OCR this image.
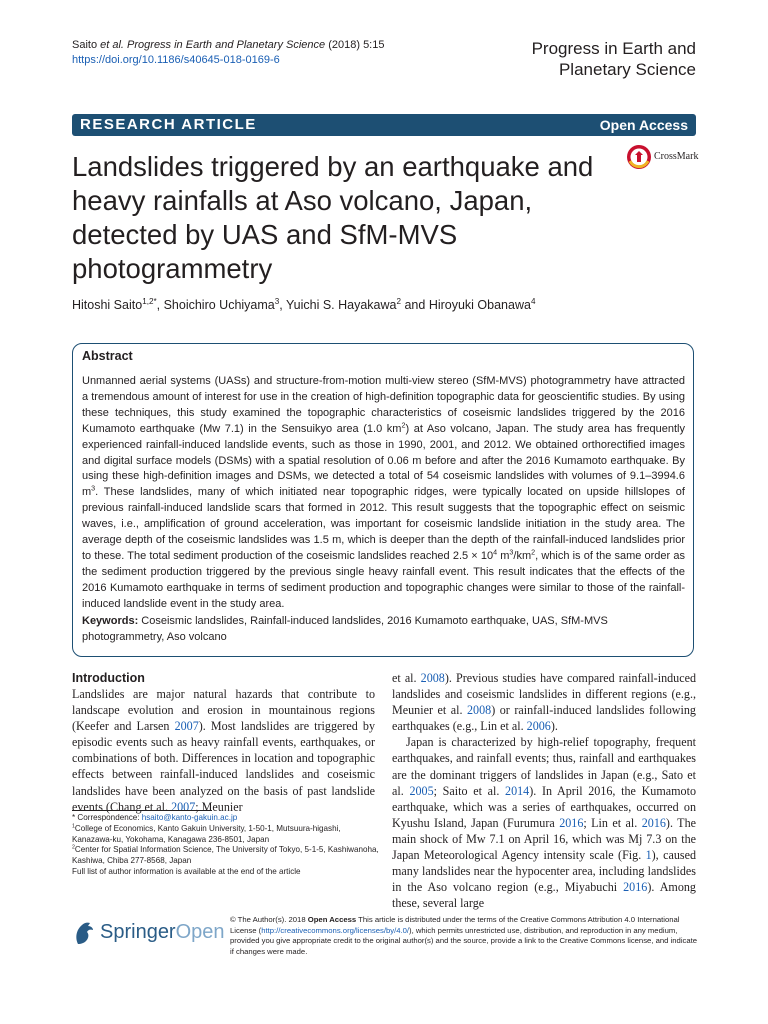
Saito et al. Progress in Earth and Planetary Science (2018) 5:15
https://doi.org/10.1186/s40645-018-0169-6
Progress in Earth and
Planetary Science
RESEARCH ARTICLE	Open Access
Landslides triggered by an earthquake and heavy rainfalls at Aso volcano, Japan, detected by UAS and SfM-MVS photogrammetry
CrossMark
Hitoshi Saito$^{1,2*}$, Shoichiro Uchiyama$^3$, Yuichi S. Hayakawa$^2$ and Hiroyuki Obanawa$^4$
Abstract
Unmanned aerial systems (UASs) and structure-from-motion multi-view stereo (SfM-MVS) photogrammetry have attracted a tremendous amount of interest for use in the creation of high-definition topographic data for geoscientific studies. By using these techniques, this study examined the topographic characteristics of coseismic landslides triggered by the 2016 Kumamoto earthquake (Mw 7.1) in the Sensuikyo area (1.0 $km^2$) at Aso volcano, Japan. The study area has frequently experienced rainfall-induced landslide events, such as those in 1990, 2001, and 2012. We obtained orthorectified images and digital surface models (DSMs) with a spatial resolution of 0.06 m before and after the 2016 Kumamoto earthquake. By using these high-definition images and DSMs, we detected a total of 54 coseismic landslides with volumes of 9.1–3994.6 $m^3$. These landslides, many of which initiated near topographic ridges, were typically located on upside hillslopes of previous rainfall-induced landslide scars that formed in 2012. This result suggests that the topographic effect on seismic waves, i.e., amplification of ground acceleration, was important for coseismic landslide initiation in the study area. The average depth of the coseismic landslides was 1.5 m, which is deeper than the depth of the rainfall-induced landslides prior to these. The total sediment production of the coseismic landslides reached $2.5 \times 10^4$ $m^3/km^2$, which is of the same order as the sediment production triggered by the previous single heavy rainfall event. This result indicates that the effects of the 2016 Kumamoto earthquake in terms of sediment production and topographic changes were similar to those of the rainfall-induced landslide event in the study area.
Keywords: Coseismic landslides, Rainfall-induced landslides, 2016 Kumamoto earthquake, UAS, SfM-MVS photogrammetry, Aso volcano
Introduction

Landslides are major natural hazards that contribute to landscape evolution and erosion in mountainous regions (Keefer and Larsen 2007). Most landslides are triggered by episodic events such as heavy rainfall events, earthquakes, or combinations of both. Differences in location and topographic effects between rainfall-induced landslides and coseismic landslides have been analyzed on the basis of past landslide events (Chang et al. 2007; Meunier

et al. 2008). Previous studies have compared rainfall-induced landslides and coseismic landslides in different regions (e.g., Meunier et al. 2008) or rainfall-induced landslides following earthquakes (e.g., Lin et al. 2006).

Japan is characterized by high-relief topography, frequent earthquakes, and rainfall events; thus, rainfall and earthquakes are the dominant triggers of landslides in Japan (e.g., Sato et al. 2005; Saito et al. 2014). In April 2016, the Kumamoto earthquake, which was a series of earthquakes, occurred on Kyushu Island, Japan (Furumura 2016; Lin et al. 2016). The main shock of Mw 7.1 on April 16, which was Mj 7.3 on the Japan Meteorological Agency intensity scale (Fig. 1), caused many landslides near the hypocenter area, including landslides in the Aso volcano region (e.g., Miyabuchi 2016). Among these, several large

* Correspondence: hsaito@kanto-gakuin.ac.jp

$^1$College of Economics, Kanto Gakuin University, 1-50-1, Mutsuura-higashi, Kanazawa-ku, Yokohama, Kanagawa 236-8501, Japan

$^2$Center for Spatial Information Science, The University of Tokyo, 5-1-5, Kashiwanoha, Kashiwa, Chiba 277-8568, Japan

Full list of author information is available at the end of the article

SpringerOpen
© The Author(s). 2018 Open Access This article is distributed under the terms of the Creative Commons Attribution 4.0 International License (http://creativecommons.org/licenses/by/4.0/), which permits unrestricted use, distribution, and reproduction in any medium, provided you give appropriate credit to the original author(s) and the source, provide a link to the Creative Commons license, and indicate if changes were made.
